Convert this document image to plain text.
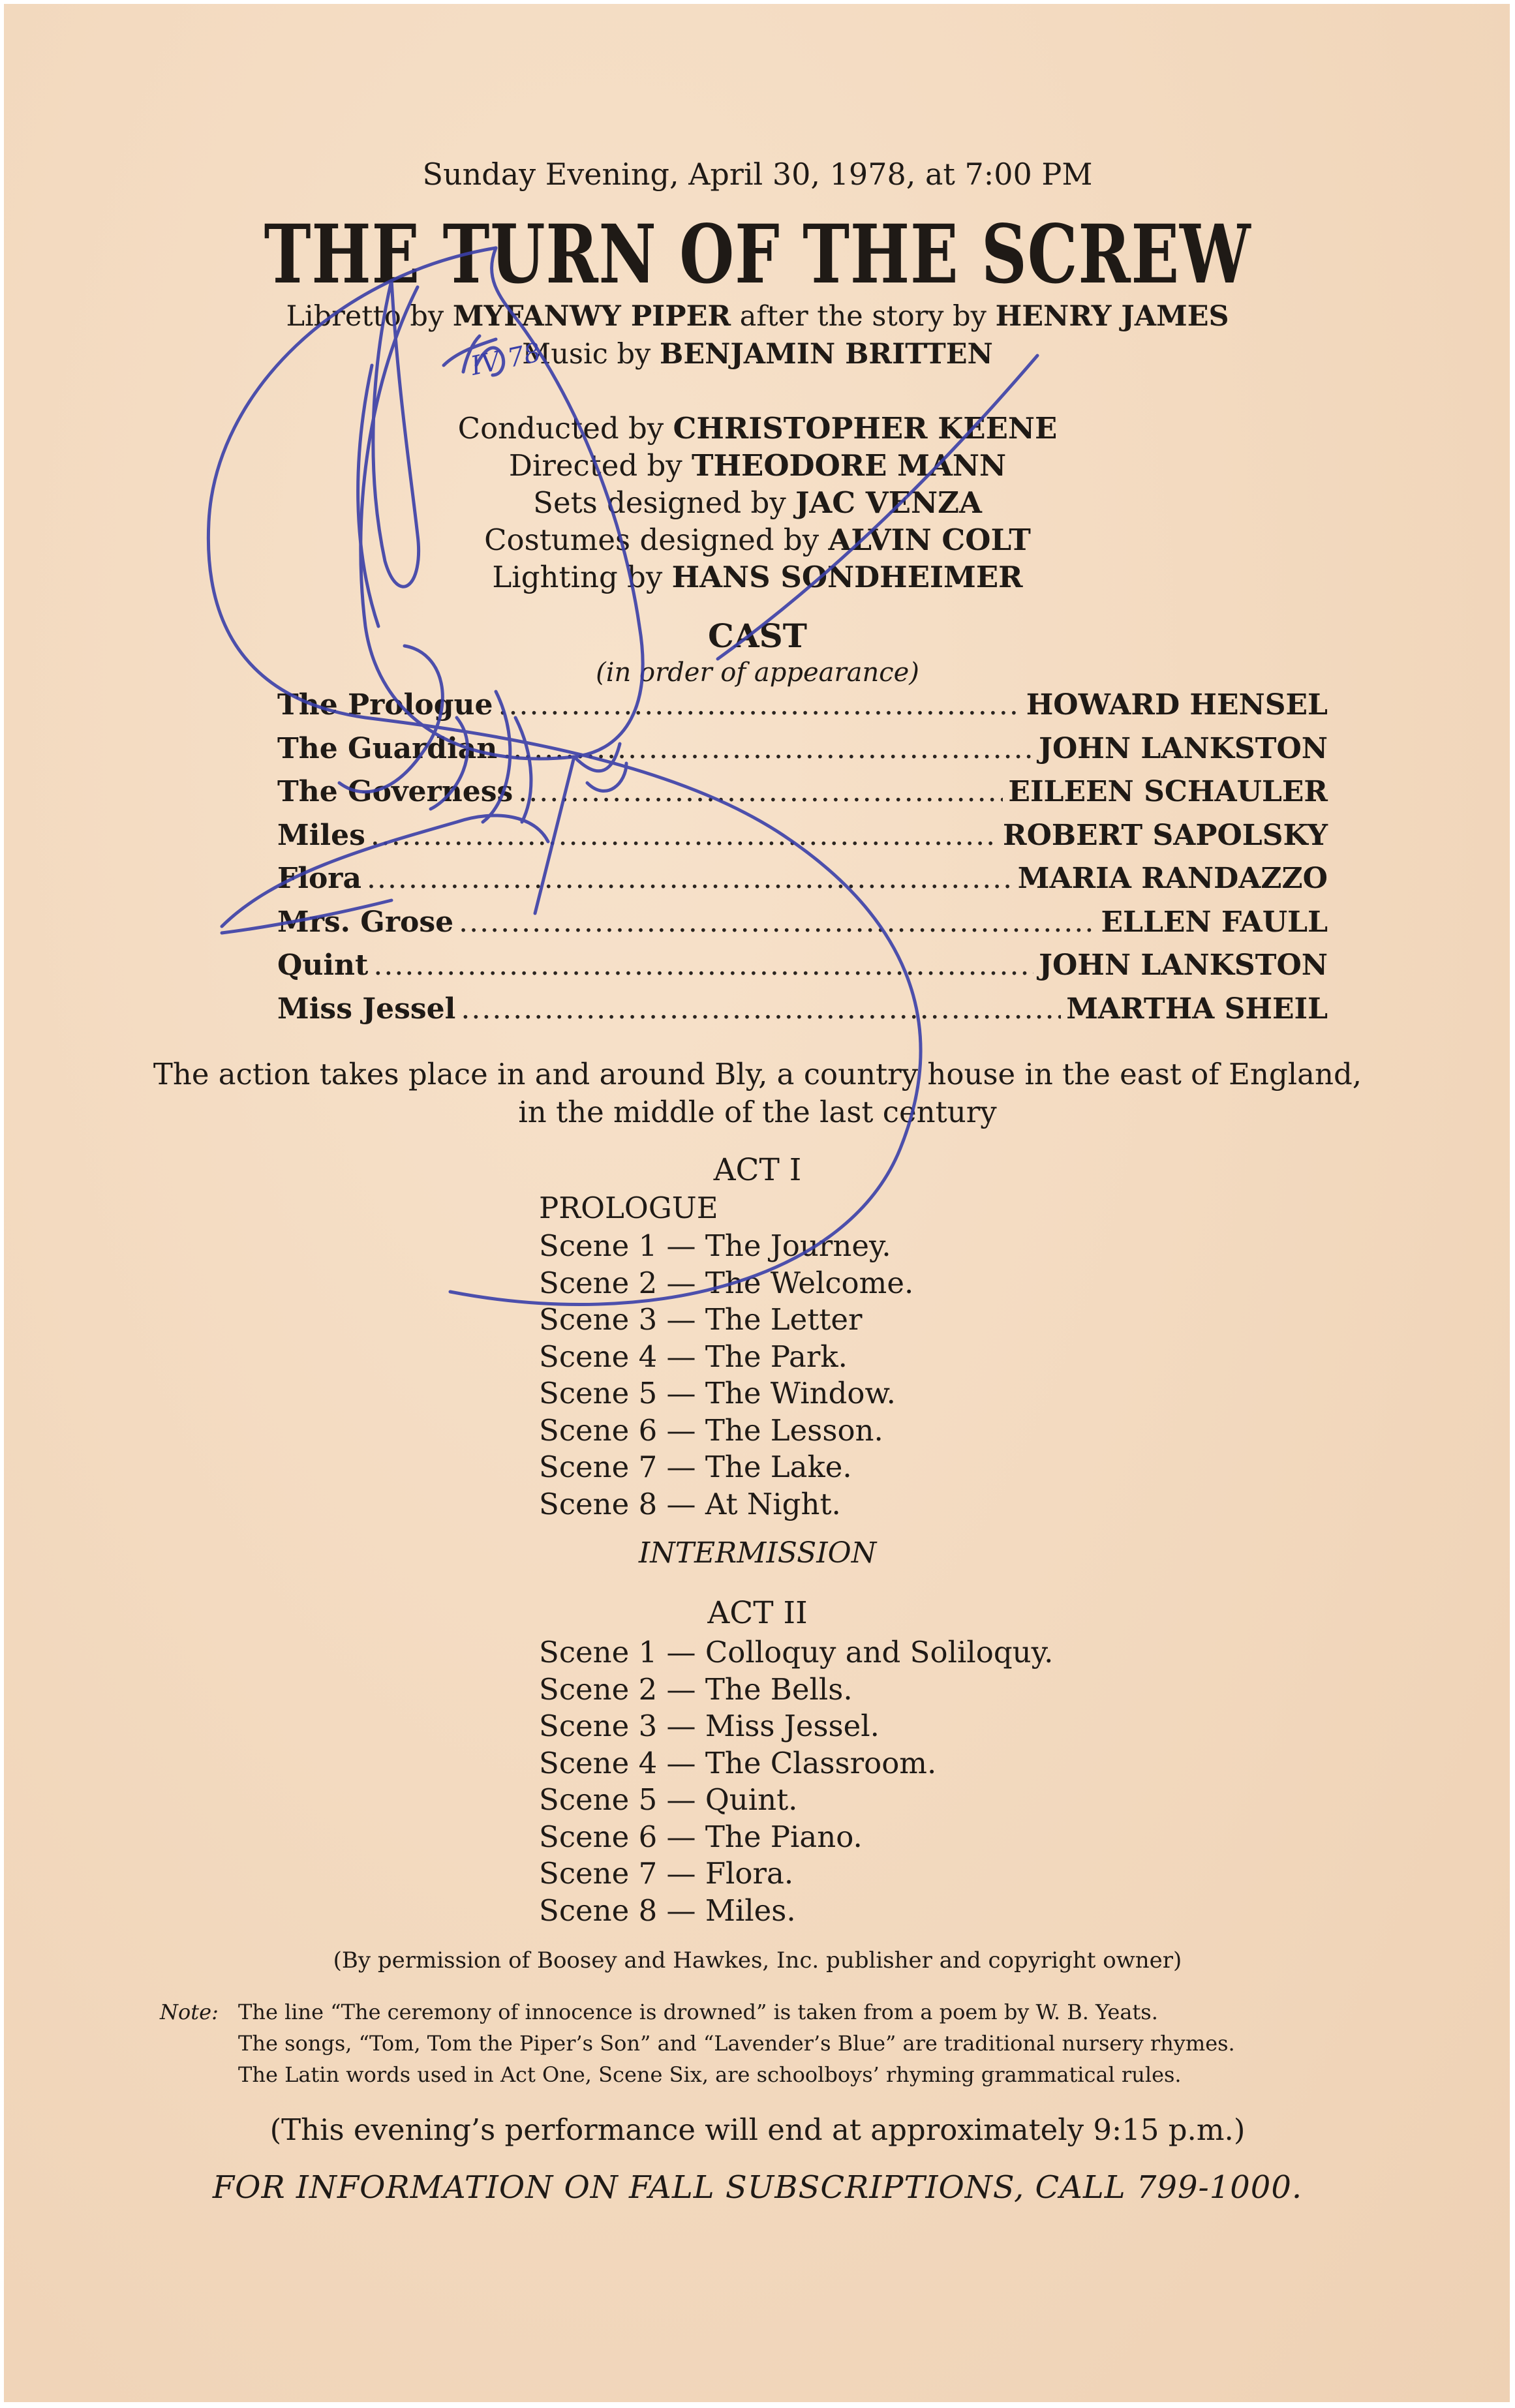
Sunday Evening, April 30, 1978, at 7:00 PM
THE TURN OF THE SCREW
Libretto by MYFANWY PIPER after the story by HENRY JAMES
Music by BENJAMIN BRITTEN
Conducted by CHRISTOPHER KEENE
Directed by THEODORE MANN
Sets designed by JAC VENZA
Costumes designed by ALVIN COLT
Lighting by HANS SONDHEIMER
CAST
(in order of appearance)
The Prologue .....	HOWARD HENSEL
The Guardian .....	JOHN LANKSTON
The Governess .....	EILEEN SCHAULER
Miles .....	ROBERT SAPOLSKY
Flora .....	MARIA RANDAZZO
Mrs. Grose .....	ELLEN FAULL
Quint .....	JOHN LANKSTON
Miss Jessel .....	MARTHA SHEIL
The action takes place in and around Bly, a country house in the east of England,
in the middle of the last century
ACT I
PROLOGUE
Scene 1 — The Journey.
Scene 2 — The Welcome.
Scene 3 — The Letter
Scene 4 — The Park.
Scene 5 — The Window.
Scene 6 — The Lesson.
Scene 7 — The Lake.
Scene 8 — At Night.
INTERMISSION
ACT II
Scene 1 — Colloquy and Soliloquy.
Scene 2 — The Bells.
Scene 3 — Miss Jessel.
Scene 4 — The Classroom.
Scene 5 — Quint.
Scene 6 — The Piano.
Scene 7 — Flora.
Scene 8 — Miles.
(By permission of Boosey and Hawkes, Inc. publisher and copyright owner)
Note: The line “The ceremony of innocence is drowned” is taken from a poem by W. B. Yeats.
The songs, “Tom, Tom the Piper’s Son” and “Lavender’s Blue” are traditional nursery rhymes.
The Latin words used in Act One, Scene Six, are schoolboys’ rhyming grammatical rules.
(This evening’s performance will end at approximately 9:15 p.m.)
FOR INFORMATION ON FALL SUBSCRIPTIONS, CALL 799-1000.
IV 78
